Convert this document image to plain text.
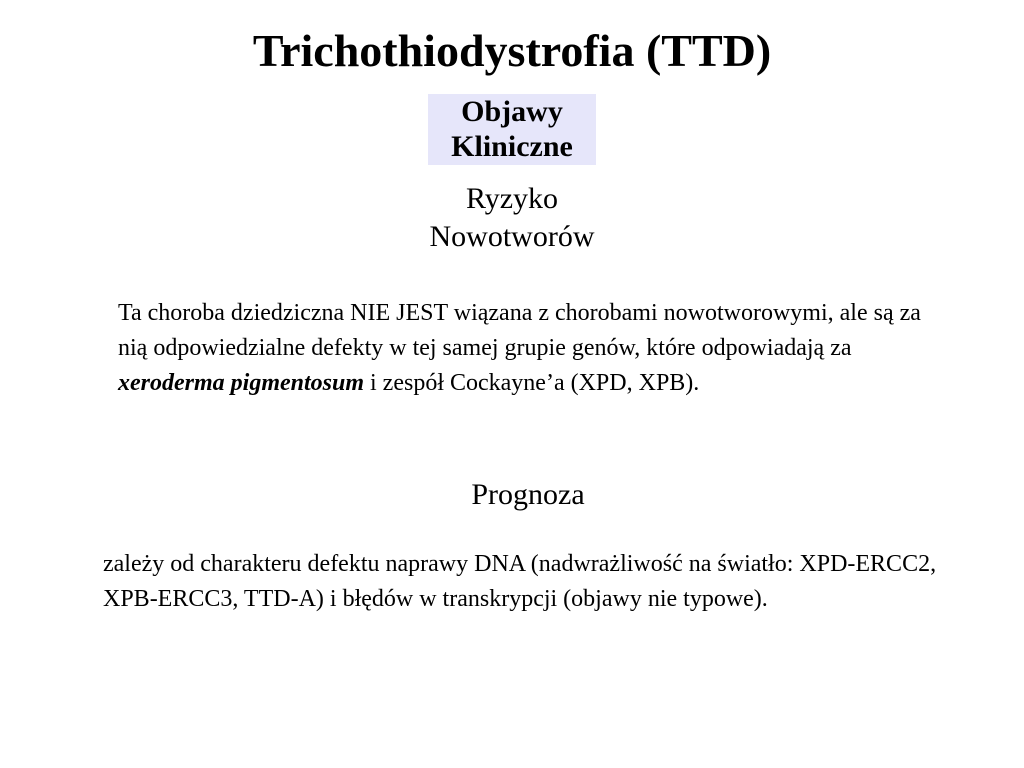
Trichothiodystrofia (TTD)
Objawy
Kliniczne
Ryzyko
Nowotworów
Ta choroba dziedziczna NIE JEST wiązana z chorobami nowotworowymi, ale są za nią odpowiedzialne defekty w tej samej grupie genów, które odpowiadają za xeroderma pigmentosum i zespół Cockayne’a (XPD, XPB).
Prognoza
zależy od charakteru defektu naprawy DNA (nadwrażliwość na światło: XPD-ERCC2, XPB-ERCC3, TTD-A) i błędów w transkrypcji (objawy nie typowe).
